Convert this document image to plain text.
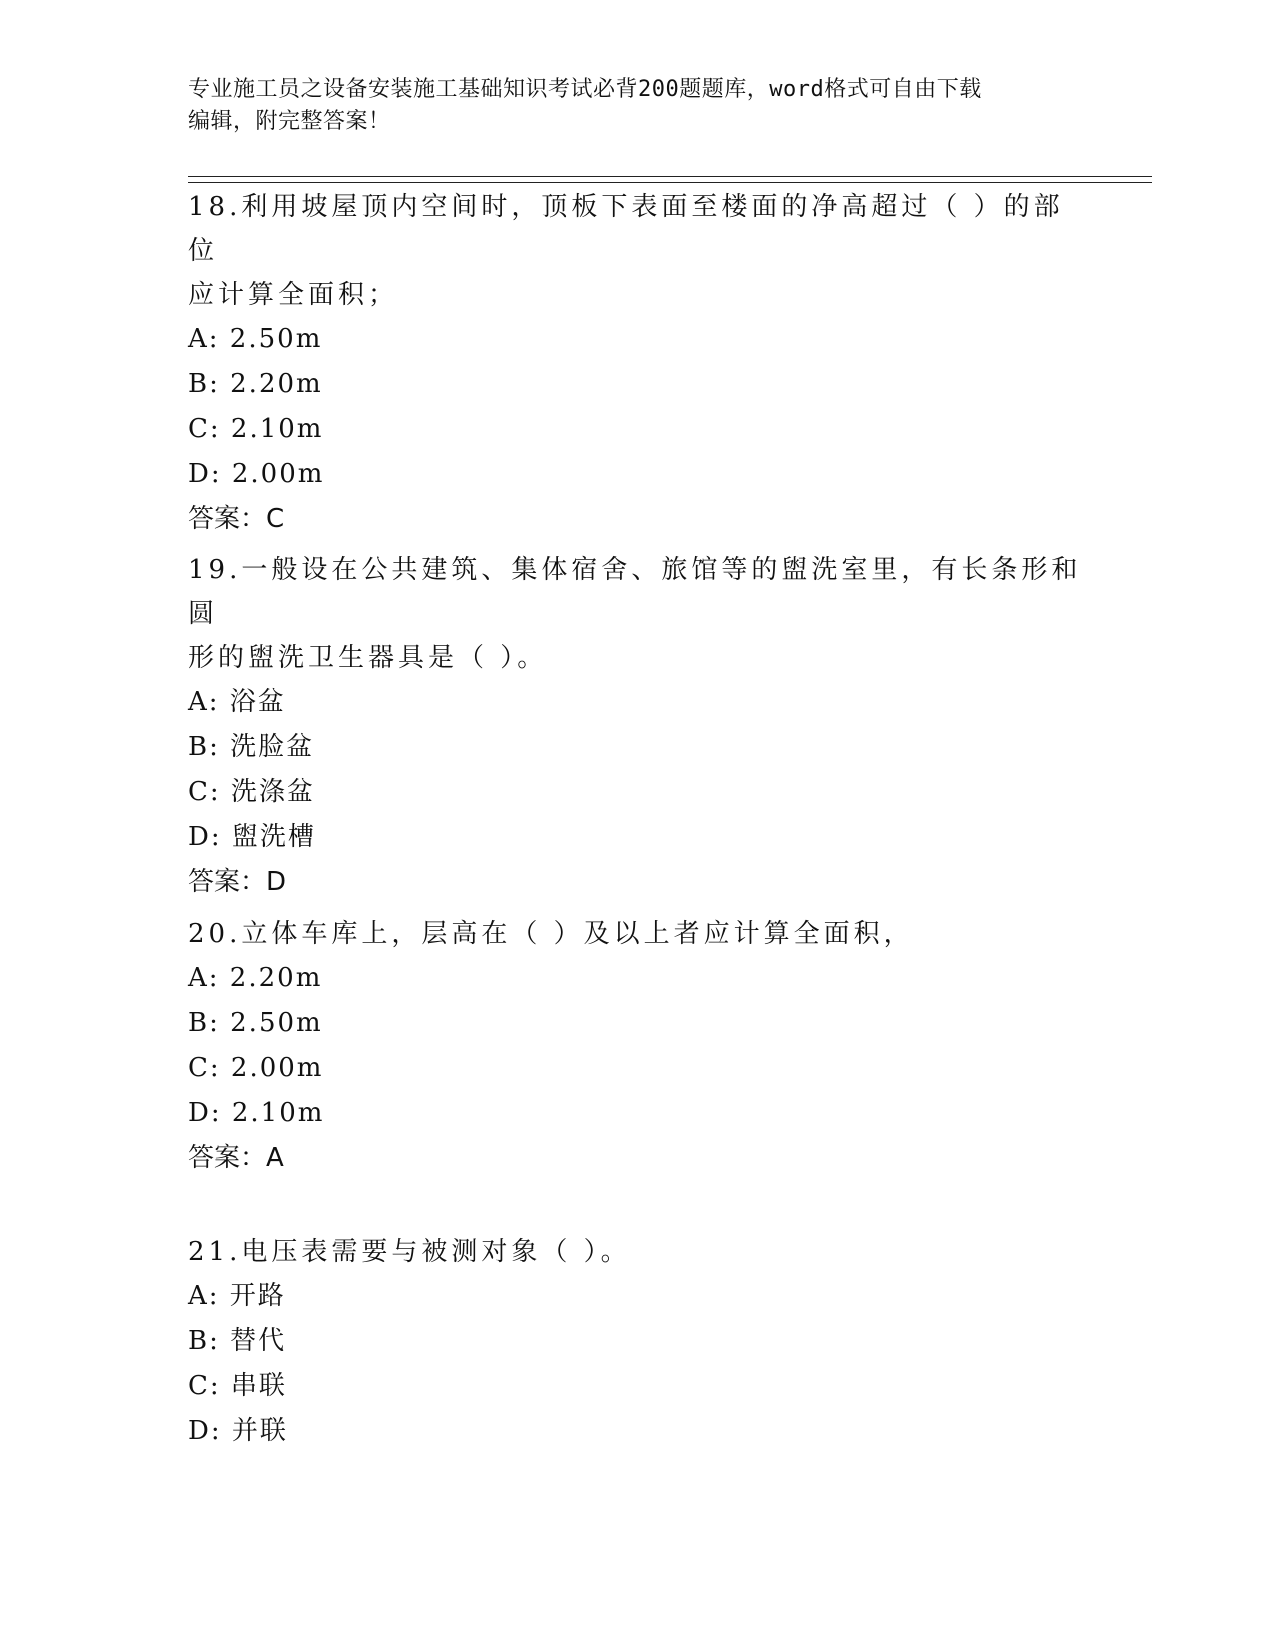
专业施工员之设备安装施工基础知识考试必背200题题库，word格式可自由下载
编辑，附完整答案！

18.利用坡屋顶内空间时，顶板下表面至楼面的净高超过（ ）的部位

应计算全面积；

A: 2.50m

B: 2.20m

C: 2.10m

D: 2.00m

答案：C

19.一般设在公共建筑、集体宿舍、旅馆等的盥洗室里，有长条形和圆

形的盥洗卫生器具是（ ）。

A: 浴盆

B: 洗脸盆

C: 洗涤盆

D: 盥洗槽

答案：D

20.立体车库上，层高在（ ）及以上者应计算全面积，

A: 2.20m

B: 2.50m

C: 2.00m

D: 2.10m

答案：A

21.电压表需要与被测对象（ ）。

A: 开路

B: 替代

C: 串联

D: 并联
